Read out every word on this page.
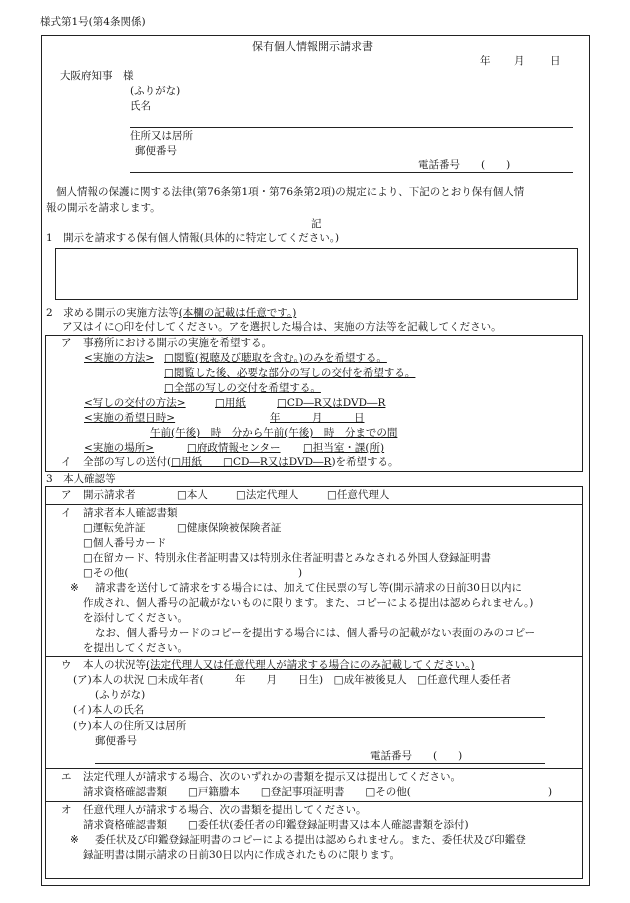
様式第1号(第4条関係)
保有個人情報開示請求書
年 月 日
大阪府知事　様
(ふりがな)
氏名
住所又は居所
郵便番号
電話番号　　(　　)
個人情報の保護に関する法律(第76条第1項・第76条第2項)の規定により、下記のとおり保有個人情
報の開示を請求します。
記
1　開示を請求する保有個人情報(具体的に特定してください。)
2　求める開示の実施方法等(本欄の記載は任意です。)
ア又はイに○印を付してください。アを選択した場合は、実施の方法等を記載してください。
ア 事務所における開示の実施を希望する。
<実施の方法> □閲覧(視聴及び聴取を含む。)のみを希望する。
□閲覧した後、必要な部分の写しの交付を希望する。
□全部の写しの交付を希望する。
<写しの交付の方法>	□用紙	□CD―R又はDVD―R
<実施の希望日時>	年　　　月　　　日
午前(午後)　時　分から午前(午後)　時　分までの間
<実施の場所>	□府政情報センター □担当室・課(所)
イ 全部の写しの送付(□用紙　　□CD―R又はDVD―R)を希望する。
3　本人確認等
ア 開示請求者	□本人	□法定代理人	□任意代理人
イ 請求者本人確認書類
□運転免許証	□健康保険被保険者証
□個人番号カード
□在留カード、特別永住者証明書又は特別永住者証明書とみなされる外国人登録証明書
□その他(	)
※ 請求書を送付して請求をする場合には、加えて住民票の写し等(開示請求の日前30日以内に
作成され、個人番号の記載がないものに限ります。また、コピーによる提出は認められません。)
を添付してください。
なお、個人番号カードのコピーを提出する場合には、個人番号の記載がない表面のみのコピー
を提出してください。
ウ 本人の状況等(法定代理人又は任意代理人が請求する場合にのみ記載してください。)
(ア)本人の状況 □未成年者(　　　年　　月　　日生)　□成年被後見人　□任意代理人委任者
(ふりがな)
(イ)本人の氏名
(ウ)本人の住所又は居所
郵便番号
電話番号　　(　　)
エ 法定代理人が請求する場合、次のいずれかの書類を提示又は提出してください。
請求資格確認書類　　□戸籍謄本　　□登記事項証明書　　□その他(	)
オ 任意代理人が請求する場合、次の書類を提出してください。
請求資格確認書類　　□委任状(委任者の印鑑登録証明書又は本人確認書類を添付)
※ 委任状及び印鑑登録証明書のコピーによる提出は認められません。また、委任状及び印鑑登
録証明書は開示請求の日前30日以内に作成されたものに限ります。
